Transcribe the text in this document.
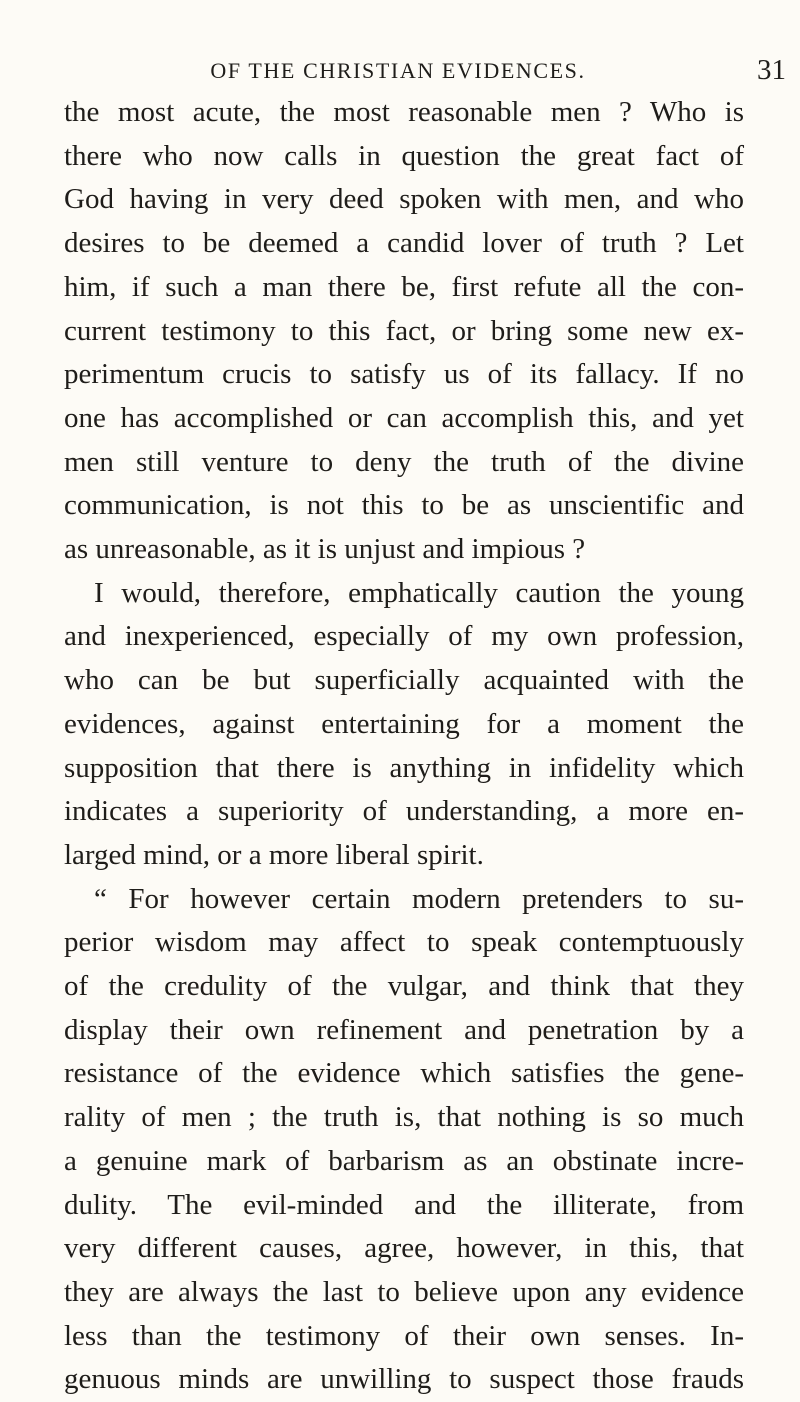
OF THE CHRISTIAN EVIDENCES.	31
the most acute, the most reasonable men ? Who is
there who now calls in question the great fact of
God having in very deed spoken with men, and who
desires to be deemed a candid lover of truth ? Let
him, if such a man there be, first refute all the con-
current testimony to this fact, or bring some new ex-
perimentum crucis to satisfy us of its fallacy. If no
one has accomplished or can accomplish this, and yet
men still venture to deny the truth of the divine
communication, is not this to be as unscientific and
as unreasonable, as it is unjust and impious ?
I would, therefore, emphatically caution the young
and inexperienced, especially of my own profession,
who can be but superficially acquainted with the
evidences, against entertaining for a moment the
supposition that there is anything in infidelity which
indicates a superiority of understanding, a more en-
larged mind, or a more liberal spirit.
“ For however certain modern pretenders to su-
perior wisdom may affect to speak contemptuously
of the credulity of the vulgar, and think that they
display their own refinement and penetration by a
resistance of the evidence which satisfies the gene-
rality of men ; the truth is, that nothing is so much
a genuine mark of barbarism as an obstinate incre-
dulity. The evil-minded and the illiterate, from
very different causes, agree, however, in this, that
they are always the last to believe upon any evidence
less than the testimony of their own senses. In-
genuous minds are unwilling to suspect those frauds
